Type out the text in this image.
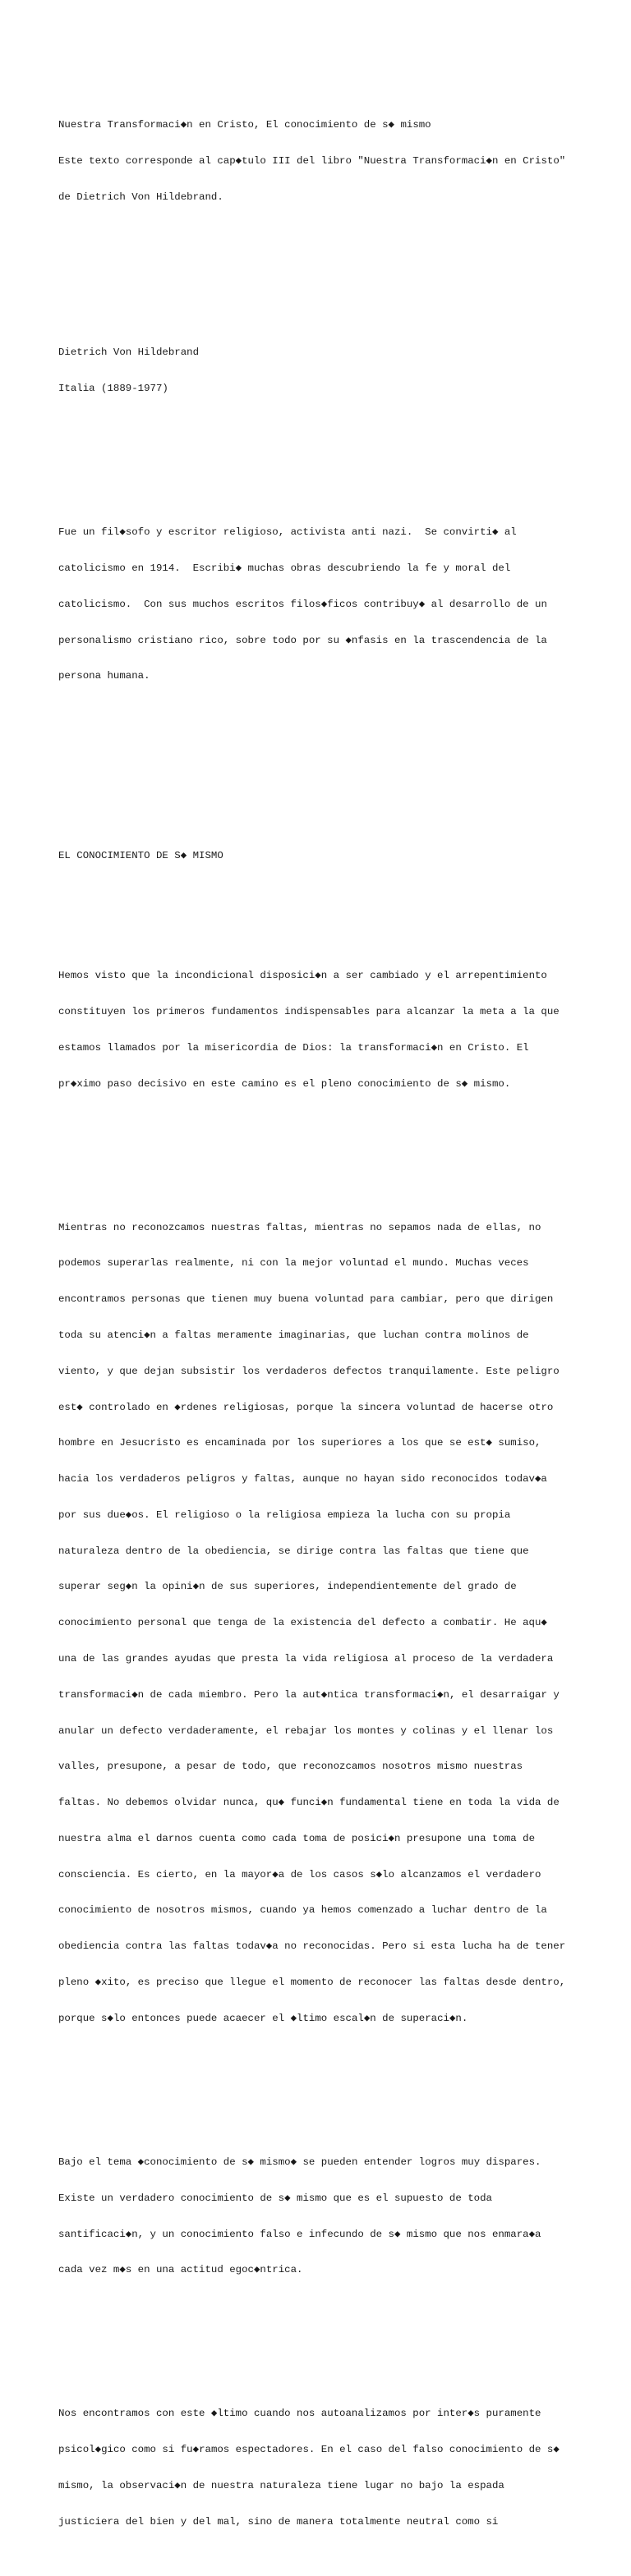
Nuestra Transformaci◆n en Cristo, El conocimiento de s◆ mismo

Este texto corresponde al cap◆tulo III del libro "Nuestra Transformaci◆n en Cristo"

de Dietrich Von Hildebrand.

Dietrich Von Hildebrand

Italia (1889-1977)

Fue un fil◆sofo y escritor religioso, activista anti nazi.  Se convirti◆ al

catolicismo en 1914.  Escribi◆ muchas obras descubriendo la fe y moral del

catolicismo.  Con sus muchos escritos filos◆ficos contribuy◆ al desarrollo de un

personalismo cristiano rico, sobre todo por su ◆nfasis en la trascendencia de la

persona humana.

EL CONOCIMIENTO DE S◆ MISMO

Hemos visto que la incondicional disposici◆n a ser cambiado y el arrepentimiento

constituyen los primeros fundamentos indispensables para alcanzar la meta a la que

estamos llamados por la misericordia de Dios: la transformaci◆n en Cristo. El

pr◆ximo paso decisivo en este camino es el pleno conocimiento de s◆ mismo.

Mientras no reconozcamos nuestras faltas, mientras no sepamos nada de ellas, no

podemos superarlas realmente, ni con la mejor voluntad el mundo. Muchas veces

encontramos personas que tienen muy buena voluntad para cambiar, pero que dirigen

toda su atenci◆n a faltas meramente imaginarias, que luchan contra molinos de

viento, y que dejan subsistir los verdaderos defectos tranquilamente. Este peligro

est◆ controlado en ◆rdenes religiosas, porque la sincera voluntad de hacerse otro

hombre en Jesucristo es encaminada por los superiores a los que se est◆ sumiso,

hacia los verdaderos peligros y faltas, aunque no hayan sido reconocidos todav◆a

por sus due◆os. El religioso o la religiosa empieza la lucha con su propia

naturaleza dentro de la obediencia, se dirige contra las faltas que tiene que

superar seg◆n la opini◆n de sus superiores, independientemente del grado de

conocimiento personal que tenga de la existencia del defecto a combatir. He aqu◆

una de las grandes ayudas que presta la vida religiosa al proceso de la verdadera

transformaci◆n de cada miembro. Pero la aut◆ntica transformaci◆n, el desarraigar y

anular un defecto verdaderamente, el rebajar los montes y colinas y el llenar los

valles, presupone, a pesar de todo, que reconozcamos nosotros mismo nuestras

faltas. No debemos olvidar nunca, qu◆ funci◆n fundamental tiene en toda la vida de

nuestra alma el darnos cuenta como cada toma de posici◆n presupone una toma de

consciencia. Es cierto, en la mayor◆a de los casos s◆lo alcanzamos el verdadero

conocimiento de nosotros mismos, cuando ya hemos comenzado a luchar dentro de la

obediencia contra las faltas todav◆a no reconocidas. Pero si esta lucha ha de tener

pleno ◆xito, es preciso que llegue el momento de reconocer las faltas desde dentro,

porque s◆lo entonces puede acaecer el ◆ltimo escal◆n de superaci◆n.

Bajo el tema ◆conocimiento de s◆ mismo◆ se pueden entender logros muy dispares.

Existe un verdadero conocimiento de s◆ mismo que es el supuesto de toda

santificaci◆n, y un conocimiento falso e infecundo de s◆ mismo que nos enmara◆a

cada vez m◆s en una actitud egoc◆ntrica.

Nos encontramos con este ◆ltimo cuando nos autoanalizamos por inter◆s puramente

psicol◆gico como si fu◆ramos espectadores. En el caso del falso conocimiento de s◆

mismo, la observaci◆n de nuestra naturaleza tiene lugar no bajo la espada

justiciera del bien y del mal, sino de manera totalmente neutral como si
